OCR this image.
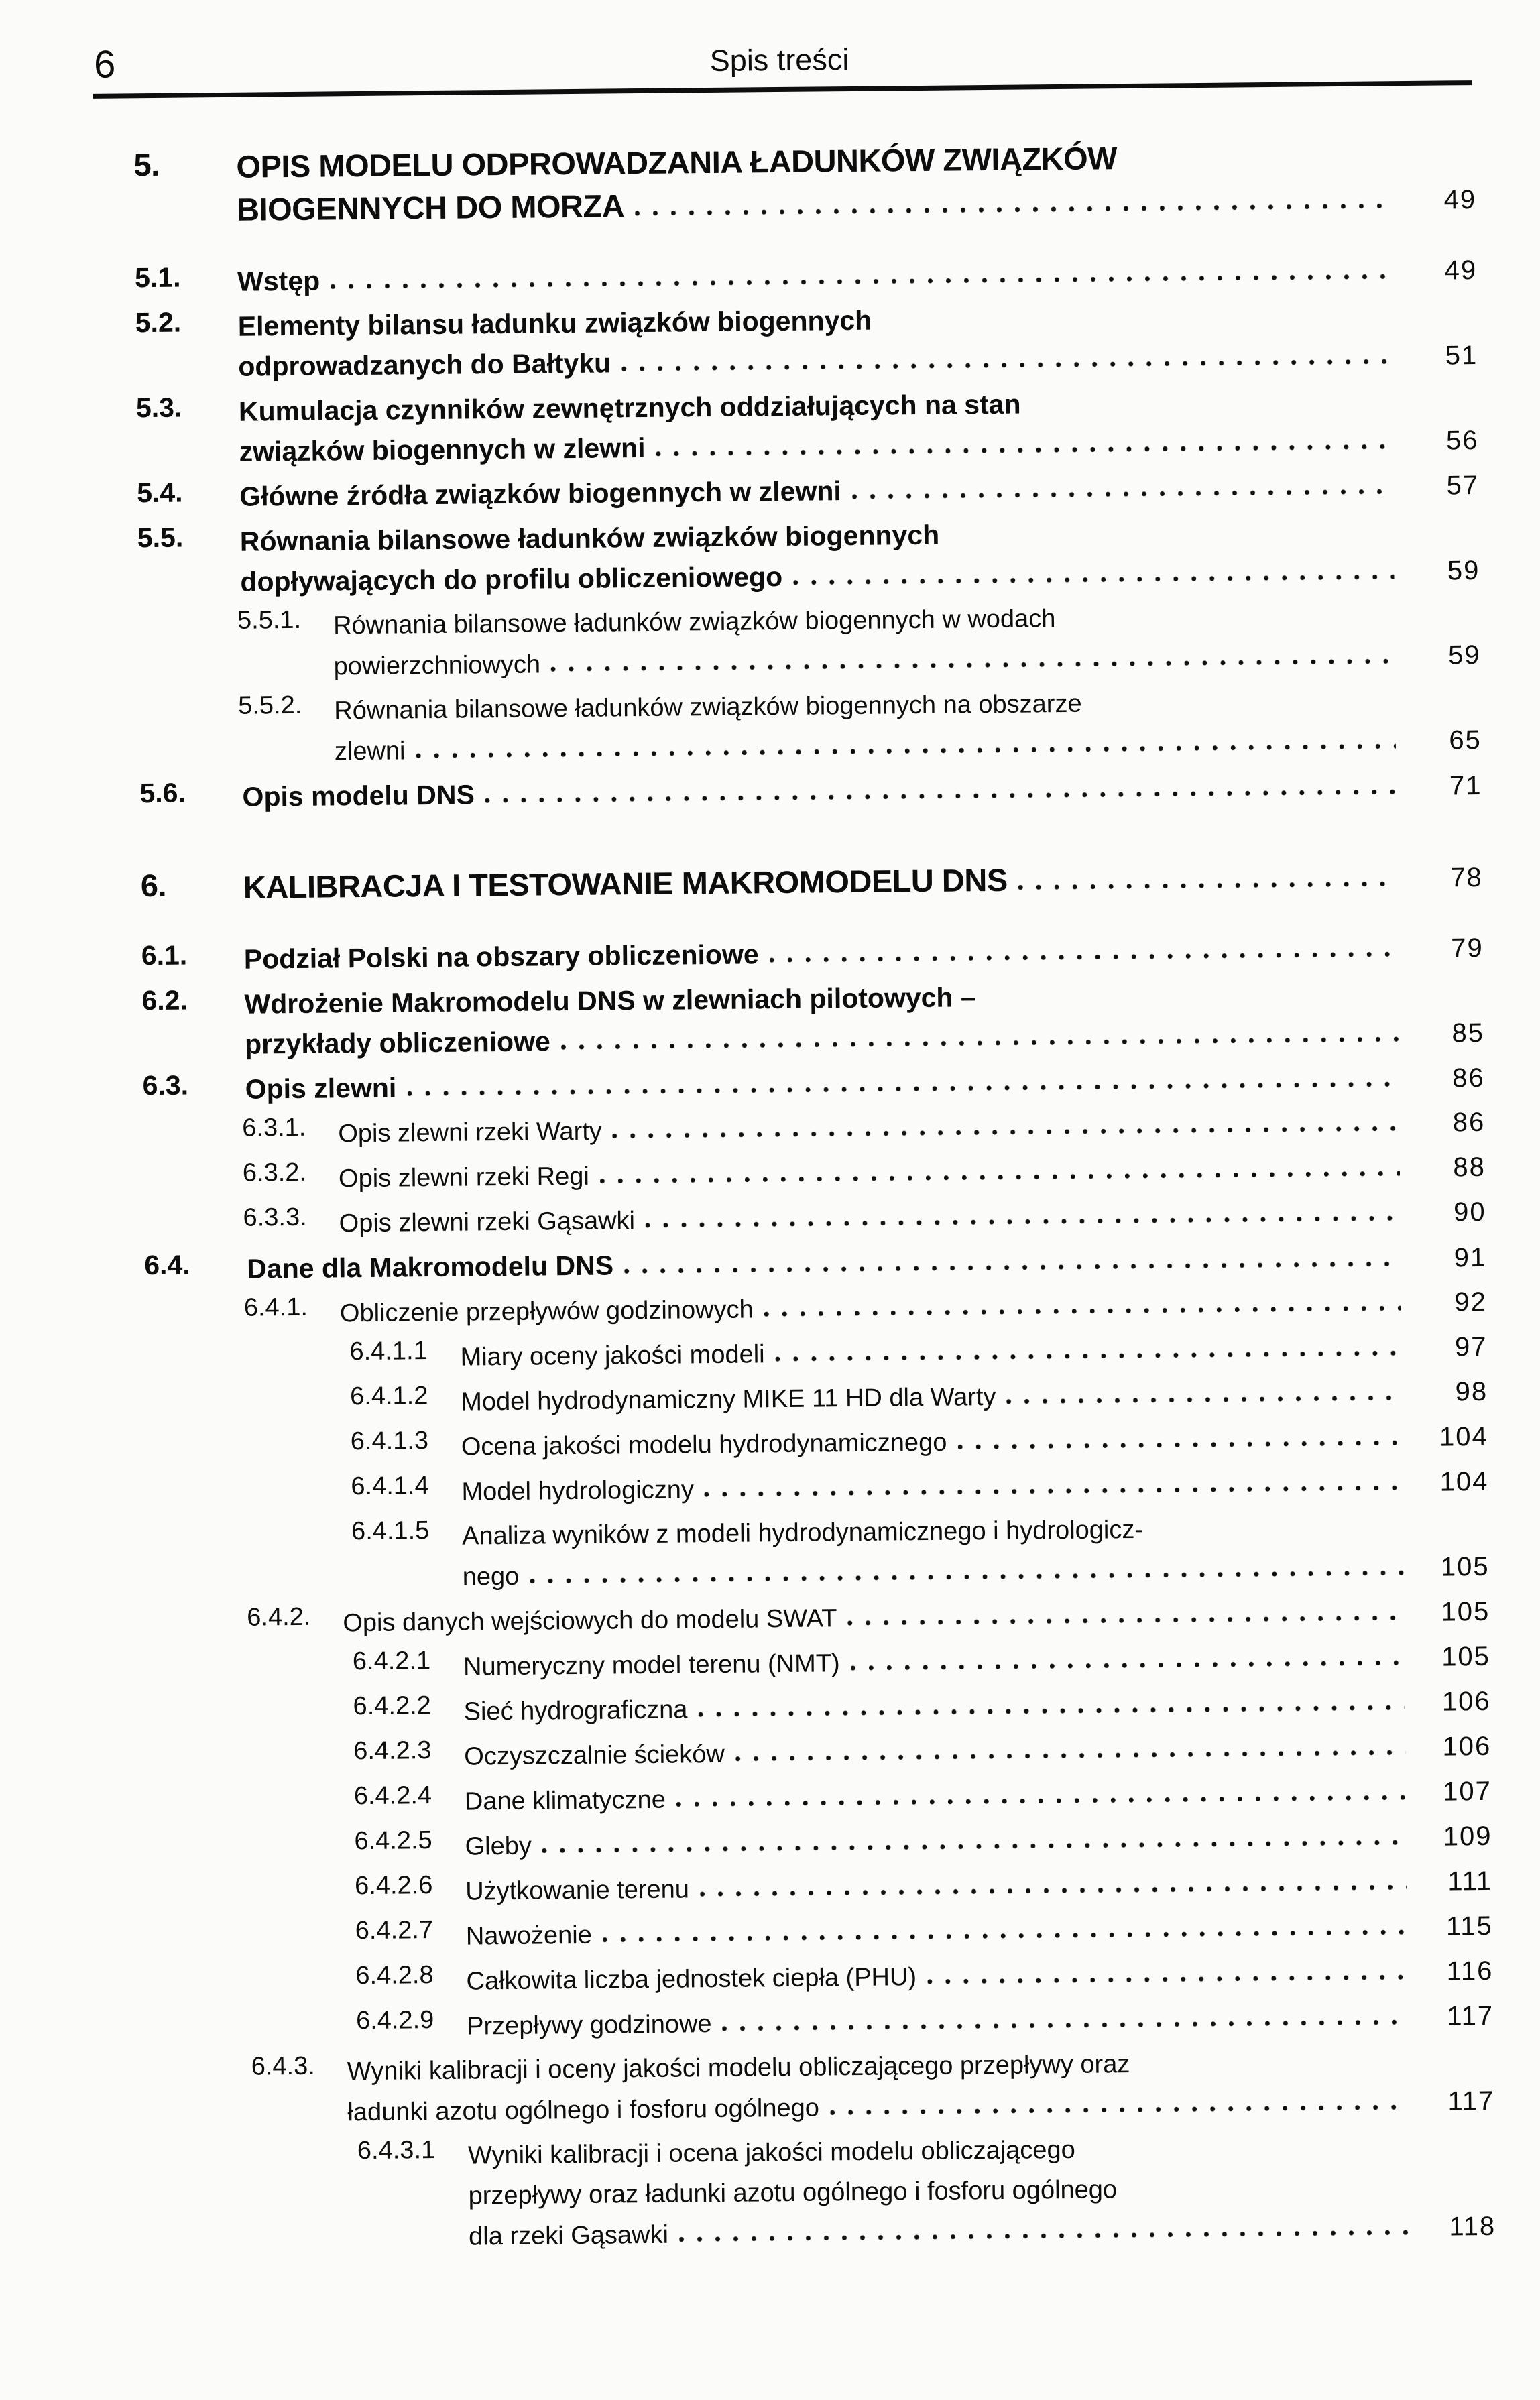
6	Spis treści
5.	OPIS MODELU ODPROWADZANIA ŁADUNKÓW ZWIĄZKÓW
BIOGENNYCH DO MORZA	49
5.1.	Wstęp	49
5.2.	Elementy bilansu ładunku związków biogennych
odprowadzanych do Bałtyku	51
5.3.	Kumulacja czynników zewnętrznych oddziałujących na stan
związków biogennych w zlewni	56
5.4.	Główne źródła związków biogennych w zlewni	57
5.5.	Równania bilansowe ładunków związków biogennych
dopływających do profilu obliczeniowego	59
5.5.1.	Równania bilansowe ładunków związków biogennych w wodach
powierzchniowych	59
5.5.2.	Równania bilansowe ładunków związków biogennych na obszarze
zlewni	65
5.6.	Opis modelu DNS	71
6.	KALIBRACJA I TESTOWANIE MAKROMODELU DNS	78
6.1.	Podział Polski na obszary obliczeniowe	79
6.2.	Wdrożenie Makromodelu DNS w zlewniach pilotowych –
przykłady obliczeniowe	85
6.3.	Opis zlewni	86
6.3.1.	Opis zlewni rzeki Warty	86
6.3.2.	Opis zlewni rzeki Regi	88
6.3.3.	Opis zlewni rzeki Gąsawki	90
6.4.	Dane dla Makromodelu DNS	91
6.4.1.	Obliczenie przepływów godzinowych	92
6.4.1.1	Miary oceny jakości modeli	97
6.4.1.2	Model hydrodynamiczny MIKE 11 HD dla Warty	98
6.4.1.3	Ocena jakości modelu hydrodynamicznego	104
6.4.1.4	Model hydrologiczny	104
6.4.1.5	Analiza wyników z modeli hydrodynamicznego i hydrologicz-
nego	105
6.4.2.	Opis danych wejściowych do modelu SWAT	105
6.4.2.1	Numeryczny model terenu (NMT)	105
6.4.2.2	Sieć hydrograficzna	106
6.4.2.3	Oczyszczalnie ścieków	106
6.4.2.4	Dane klimatyczne	107
6.4.2.5	Gleby	109
6.4.2.6	Użytkowanie terenu	111
6.4.2.7	Nawożenie	115
6.4.2.8	Całkowita liczba jednostek ciepła (PHU)	116
6.4.2.9	Przepływy godzinowe	117
6.4.3.	Wyniki kalibracji i oceny jakości modelu obliczającego przepływy oraz
ładunki azotu ogólnego i fosforu ogólnego	117
6.4.3.1	Wyniki kalibracji i ocena jakości modelu obliczającego
przepływy oraz ładunki azotu ogólnego i fosforu ogólnego
dla rzeki Gąsawki	118
